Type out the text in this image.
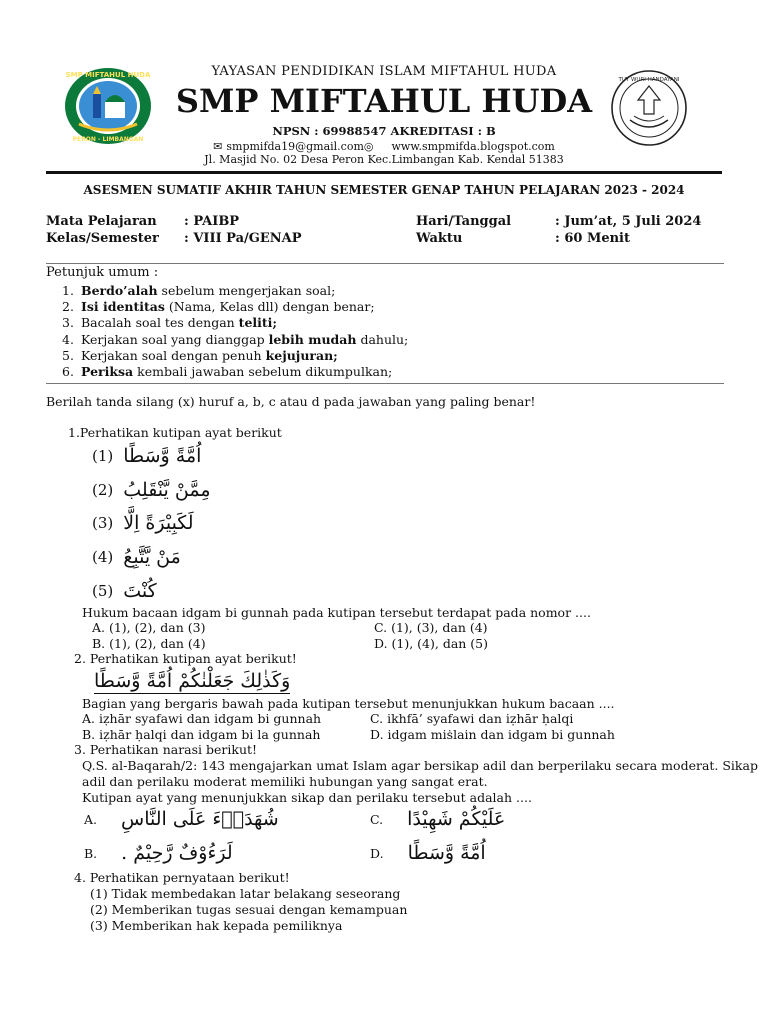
SMP MIFTAHUL HUDA
PERON - LIMBANGAN
TUT WURI HANDAYANI
YAYASAN PENDIDIKAN ISLAM MIFTAHUL HUDA
SMP MIFTAHUL HUDA
NPSN : 69988547 AKREDITASI : B
✉ smpmifda19@gmail.com◎ www.smpmifda.blogspot.com
Jl. Masjid No. 02 Desa Peron Kec.Limbangan Kab. Kendal 51383
ASESMEN SUMATIF AKHIR TAHUN SEMESTER GENAP TAHUN PELAJARAN 2023 - 2024
Mata Pelajaran : PAIBP	Hari/Tanggal	: Jum’at, 5 Juli 2024
Kelas/Semester : VIII Pa/GENAP	Waktu	: 60 Menit
Petunjuk umum :
1. Berdo’alah sebelum mengerjakan soal;
2. Isi identitas (Nama, Kelas dll) dengan benar;
3. Bacalah soal tes dengan teliti;
4. Kerjakan soal yang dianggap lebih mudah dahulu;
5. Kerjakan soal dengan penuh kejujuran;
6. Periksa kembali jawaban sebelum dikumpulkan;
Berilah tanda silang (x) huruf a, b, c atau d pada jawaban yang paling benar!
1.Perhatikan kutipan ayat berikut
(1) اُمَّةً وَّسَطًا
(2) مِمَّنْ يَّنْقَلِبُ
(3) لَكَبِيْرَةً اِلَّا
(4) مَنْ يَّتَّبِعُ
(5) كُنْتَ
Hukum bacaan idgam bi gunnah pada kutipan tersebut terdapat pada nomor ....
A. (1), (2), dan (3)	C. (1), (3), dan (4)
B. (1), (2), dan (4)	D. (1), (4), dan (5)
2. Perhatikan kutipan ayat berikut!
وَكَذٰلِكَ جَعَلْنٰكُمْ اُمَّةً وَّسَطًا
Bagian yang bergaris bawah pada kutipan tersebut menunjukkan hukum bacaan ....
A. iẓhār syafawi dan idgam bi gunnah	C. ikhfā’ syafawi dan iẓhār ḥalqi
B. iẓhār ḥalqi dan idgam bi la gunnah	D. idgam miṡlain dan idgam bi gunnah
3. Perhatikan narasi berikut!
Q.S. al-Baqarah/2: 143 mengajarkan umat Islam agar bersikap adil dan berperilaku secara moderat. Sikap
adil dan perilaku moderat memiliki hubungan yang sangat erat.
Kutipan ayat yang menunjukkan sikap dan perilaku tersebut adalah ....
A. شُهَدَاۤءَ عَلَى النَّاسِ	C. عَلَيْكُمْ شَهِيْدًا
B. لَرَءُوْفٌ رَّحِيْمٌ .	D. اُمَّةً وَّسَطًا
4. Perhatikan pernyataan berikut!
(1) Tidak membedakan latar belakang seseorang
(2) Memberikan tugas sesuai dengan kemampuan
(3) Memberikan hak kepada pemiliknya
